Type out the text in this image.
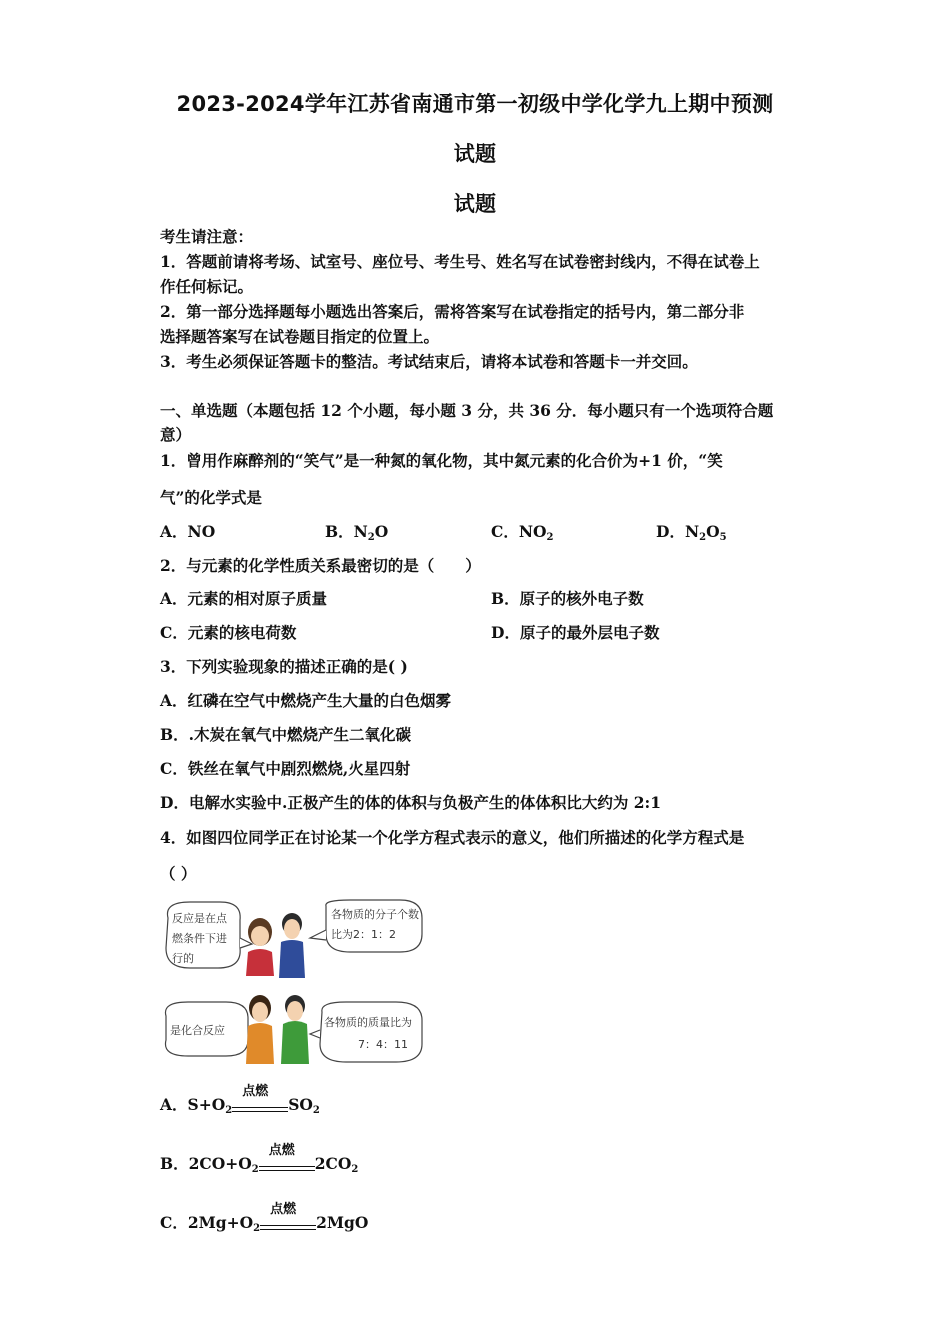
2023-2024学年江苏省南通市第一初级中学化学九上期中预测
试题
试题
考生请注意：
1．答题前请将考场、试室号、座位号、考生号、姓名写在试卷密封线内，不得在试卷上
作任何标记。
2．第一部分选择题每小题选出答案后，需将答案写在试卷指定的括号内，第二部分非
选择题答案写在试卷题目指定的位置上。
3．考生必须保证答题卡的整洁。考试结束后，请将本试卷和答题卡一并交回。
一、单选题（本题包括 12 个小题，每小题 3 分，共 36 分．每小题只有一个选项符合题
意）
1．曾用作麻醉剂的“笑气”是一种氮的氧化物，其中氮元素的化合价为+1 价，“笑
气”的化学式是
A．NO	B．$N_2O$	C．$NO_2$	D．$N_2O_5$
2．与元素的化学性质关系最密切的是（　　）
A．元素的相对原子质量	B．原子的核外电子数
C．元素的核电荷数	D．原子的最外层电子数
3．下列实验现象的描述正确的是( )
A．红磷在空气中燃烧产生大量的白色烟雾
B．.木炭在氧气中燃烧产生二氧化碳
C．铁丝在氧气中剧烈燃烧,火星四射
D．电解水实验中.正极产生的体的体积与负极产生的体体积比大约为 2:1
4．如图四位同学正在讨论某一个化学方程式表示的意义，他们所描述的化学方程式是
（ ）
反应是在点
燃条件下进
行的
各物质的分子个数
比为2：1：2
是化合反应
各物质的质量比为
7：4：11
A．$S+O_2$
点燃
$SO_2$
B．$2CO+O_2$
点燃
$2CO_2$
C．$2Mg+O_2$
点燃
2MgO
